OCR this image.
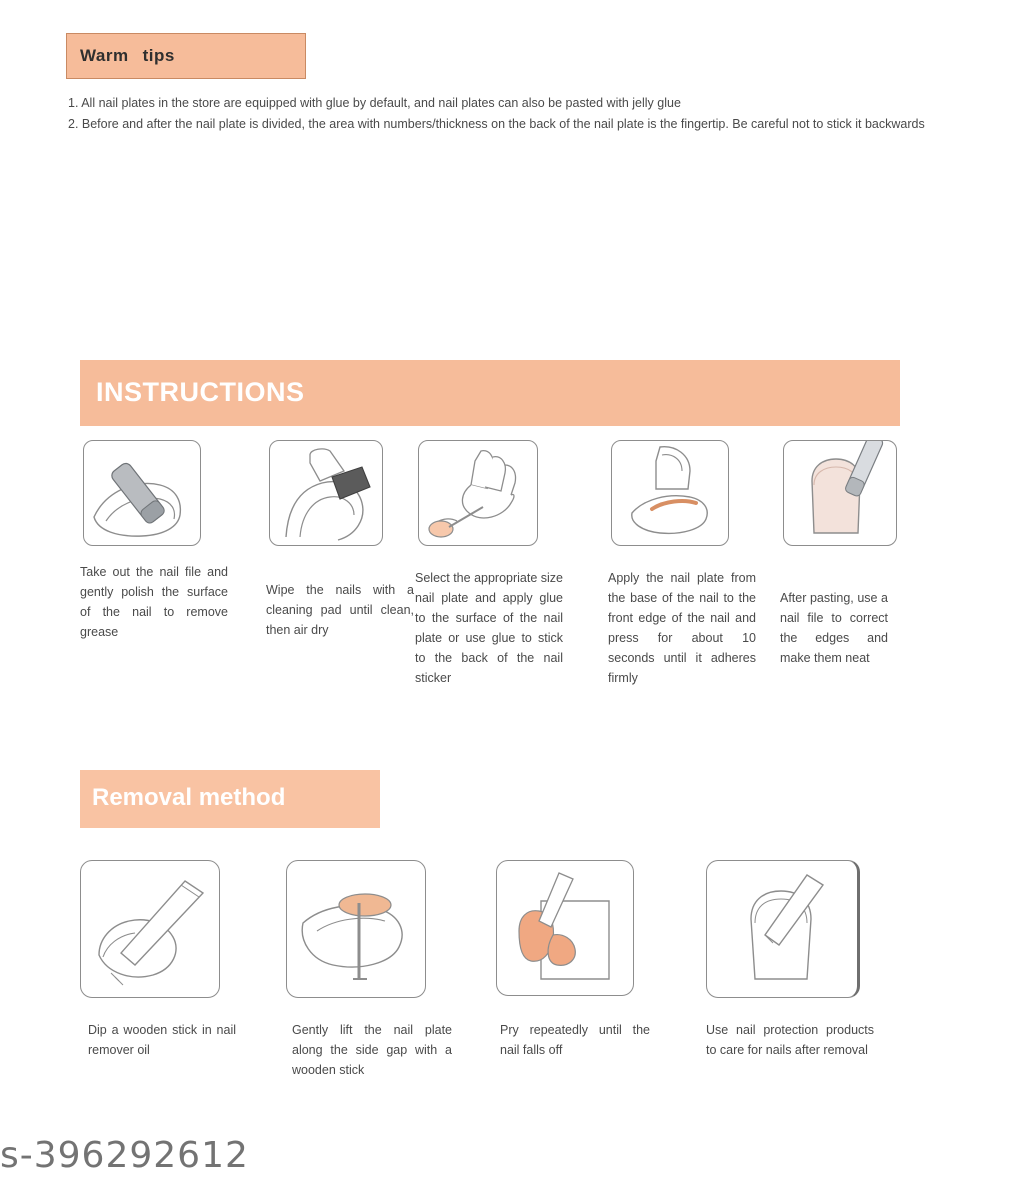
Warm tips

1. All nail plates in the store are equipped with glue by default, and nail plates can also be pasted with jelly glue

2. Before and after the nail plate is divided, the area with numbers/thickness on the back of the nail plate is the fingertip. Be careful not to stick it backwards

INSTRUCTIONS
Take out the nail file and gently polish the surface of the nail to remove grease
Wipe the nails with a cleaning pad until clean, then air dry
Select the appropriate size nail plate and apply glue to the surface of the nail plate or use glue to stick to the back of the nail sticker
Apply the nail plate from the base of the nail to the front edge of the nail and press for about 10 seconds until it adheres firmly
After pasting, use a nail file to correct the edges and make them neat
Removal method
Dip a wooden stick in nail remover oil
Gently lift the nail plate along the side gap with a wooden stick
Pry repeatedly until the nail falls off
Use nail protection products to care for nails after removal
s-396292612
